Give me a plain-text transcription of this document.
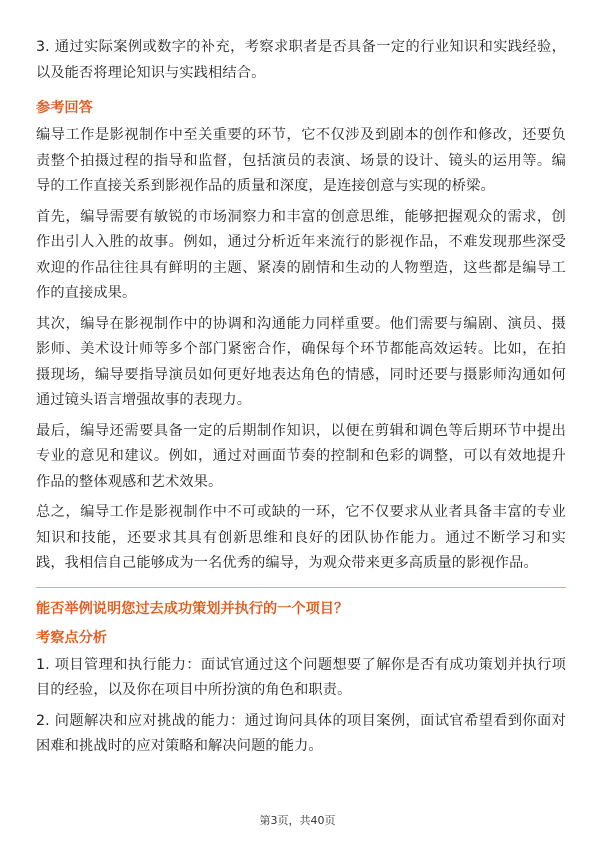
3. 通过实际案例或数字的补充，考察求职者是否具备一定的行业知识和实践经验，以及能否将理论知识与实践相结合。

参考回答

编导工作是影视制作中至关重要的环节，它不仅涉及到剧本的创作和修改，还要负责整个拍摄过程的指导和监督，包括演员的表演、场景的设计、镜头的运用等。编导的工作直接关系到影视作品的质量和深度，是连接创意与实现的桥梁。

首先，编导需要有敏锐的市场洞察力和丰富的创意思维，能够把握观众的需求，创作出引人入胜的故事。例如，通过分析近年来流行的影视作品，不难发现那些深受欢迎的作品往往具有鲜明的主题、紧凑的剧情和生动的人物塑造，这些都是编导工作的直接成果。

其次，编导在影视制作中的协调和沟通能力同样重要。他们需要与编剧、演员、摄影师、美术设计师等多个部门紧密合作，确保每个环节都能高效运转。比如，在拍摄现场，编导要指导演员如何更好地表达角色的情感，同时还要与摄影师沟通如何通过镜头语言增强故事的表现力。

最后，编导还需要具备一定的后期制作知识，以便在剪辑和调色等后期环节中提出专业的意见和建议。例如，通过对画面节奏的控制和色彩的调整，可以有效地提升作品的整体观感和艺术效果。

总之，编导工作是影视制作中不可或缺的一环，它不仅要求从业者具备丰富的专业知识和技能，还要求其具有创新思维和良好的团队协作能力。通过不断学习和实践，我相信自己能够成为一名优秀的编导，为观众带来更多高质量的影视作品。

能否举例说明您过去成功策划并执行的一个项目？
考察点分析

1. 项目管理和执行能力：面试官通过这个问题想要了解你是否有成功策划并执行项目的经验，以及你在项目中所扮演的角色和职责。

2. 问题解决和应对挑战的能力：通过询问具体的项目案例，面试官希望看到你面对困难和挑战时的应对策略和解决问题的能力。

第3页，共40页
